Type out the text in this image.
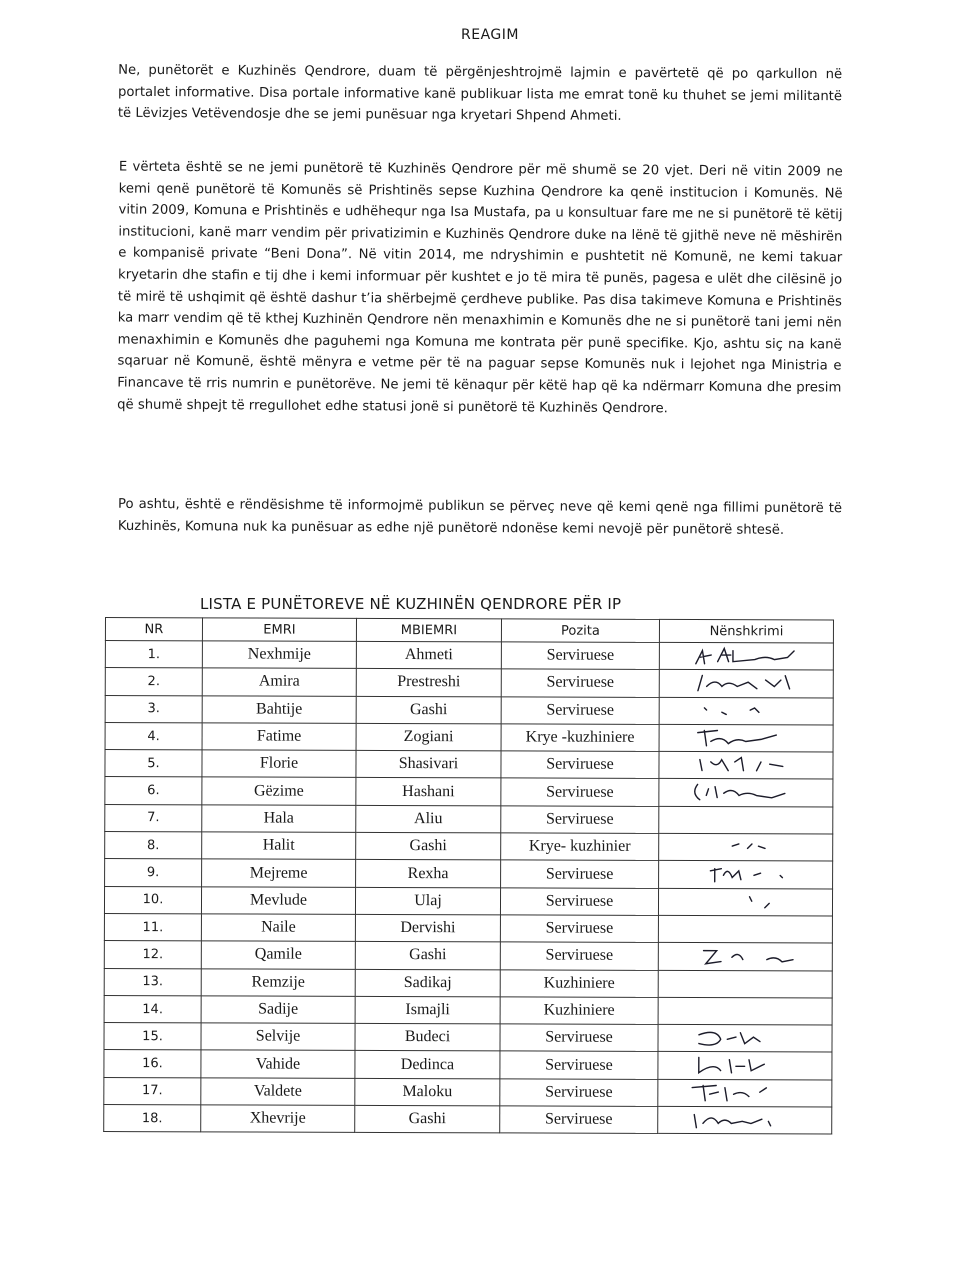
REAGIM

Ne, punëtorët e Kuzhinës Qendrore, duam të përgënjeshtrojmë lajmin e pavërtetë që po qarkullon në portalet informative. Disa portale informative kanë publikuar lista me emrat tonë ku thuhet se jemi militantë të Lëvizjes Vetëvendosje dhe se jemi punësuar nga kryetari Shpend Ahmeti.

E vërteta është se ne jemi punëtorë të Kuzhinës Qendrore për më shumë se 20 vjet. Deri në vitin 2009 ne kemi qenë punëtorë të Komunës së Prishtinës sepse Kuzhina Qendrore ka qenë institucion i Komunës. Në vitin 2009, Komuna e Prishtinës e udhëhequr nga Isa Mustafa, pa u konsultuar fare me ne si punëtorë të këtij institucioni, kanë marr vendim për privatizimin e Kuzhinës Qendrore duke na lënë të gjithë neve në mëshirën e kompanisë private “Beni Dona”. Në vitin 2014, me ndryshimin e pushtetit në Komunë, ne kemi takuar kryetarin dhe stafin e tij dhe i kemi informuar për kushtet e jo të mira të punës, pagesa e ulët dhe cilësinë jo të mirë të ushqimit që është dashur t’ia shërbejmë çerdheve publike. Pas disa takimeve Komuna e Prishtinës ka marr vendim që të kthej Kuzhinën Qendrore nën menaxhimin e Komunës dhe ne si punëtorë tani jemi nën menaxhimin e Komunës dhe paguhemi nga Komuna me kontrata për punë specifike. Kjo, ashtu siç na kanë sqaruar në Komunë, është mënyra e vetme për të na paguar sepse Komunës nuk i lejohet nga Ministria e Financave të rris numrin e punëtorëve. Ne jemi të kënaqur për këtë hap që ka ndërmarr Komuna dhe presim që shumë shpejt të rregullohet edhe statusi jonë si punëtorë të Kuzhinës Qendrore.

Po ashtu, është e rëndësishme të informojmë publikun se përveç neve që kemi qenë nga fillimi punëtorë të Kuzhinës, Komuna nuk ka punësuar as edhe një punëtorë ndonëse kemi nevojë për punëtorë shtesë.

LISTA E PUNËTOREVE NË KUZHINËN QENDRORE PËR IP
NR	EMRI	MBIEMRI	Pozita	Nënshkrimi
1.	Nexhmije	Ahmeti	Serviruese	

2.	Amira	Prestreshi	Serviruese	

3.	Bahtije	Gashi	Serviruese	

4.	Fatime	Zogiani	Krye -kuzhiniere	

5.	Florie	Shasivari	Serviruese	

6.	Gëzime	Hashani	Serviruese	

7.	Hala	Aliu	Serviruese	
8.	Halit	Gashi	Krye- kuzhinier	

9.	Mejreme	Rexha	Serviruese	

10.	Mevlude	Ulaj	Serviruese	

11.	Naile	Dervishi	Serviruese	
12.	Qamile	Gashi	Serviruese	

13.	Remzije	Sadikaj	Kuzhiniere	
14.	Sadije	Ismajli	Kuzhiniere	
15.	Selvije	Budeci	Serviruese	

16.	Vahide	Dedinca	Serviruese	

17.	Valdete	Maloku	Serviruese	

18.	Xhevrije	Gashi	Serviruese	
